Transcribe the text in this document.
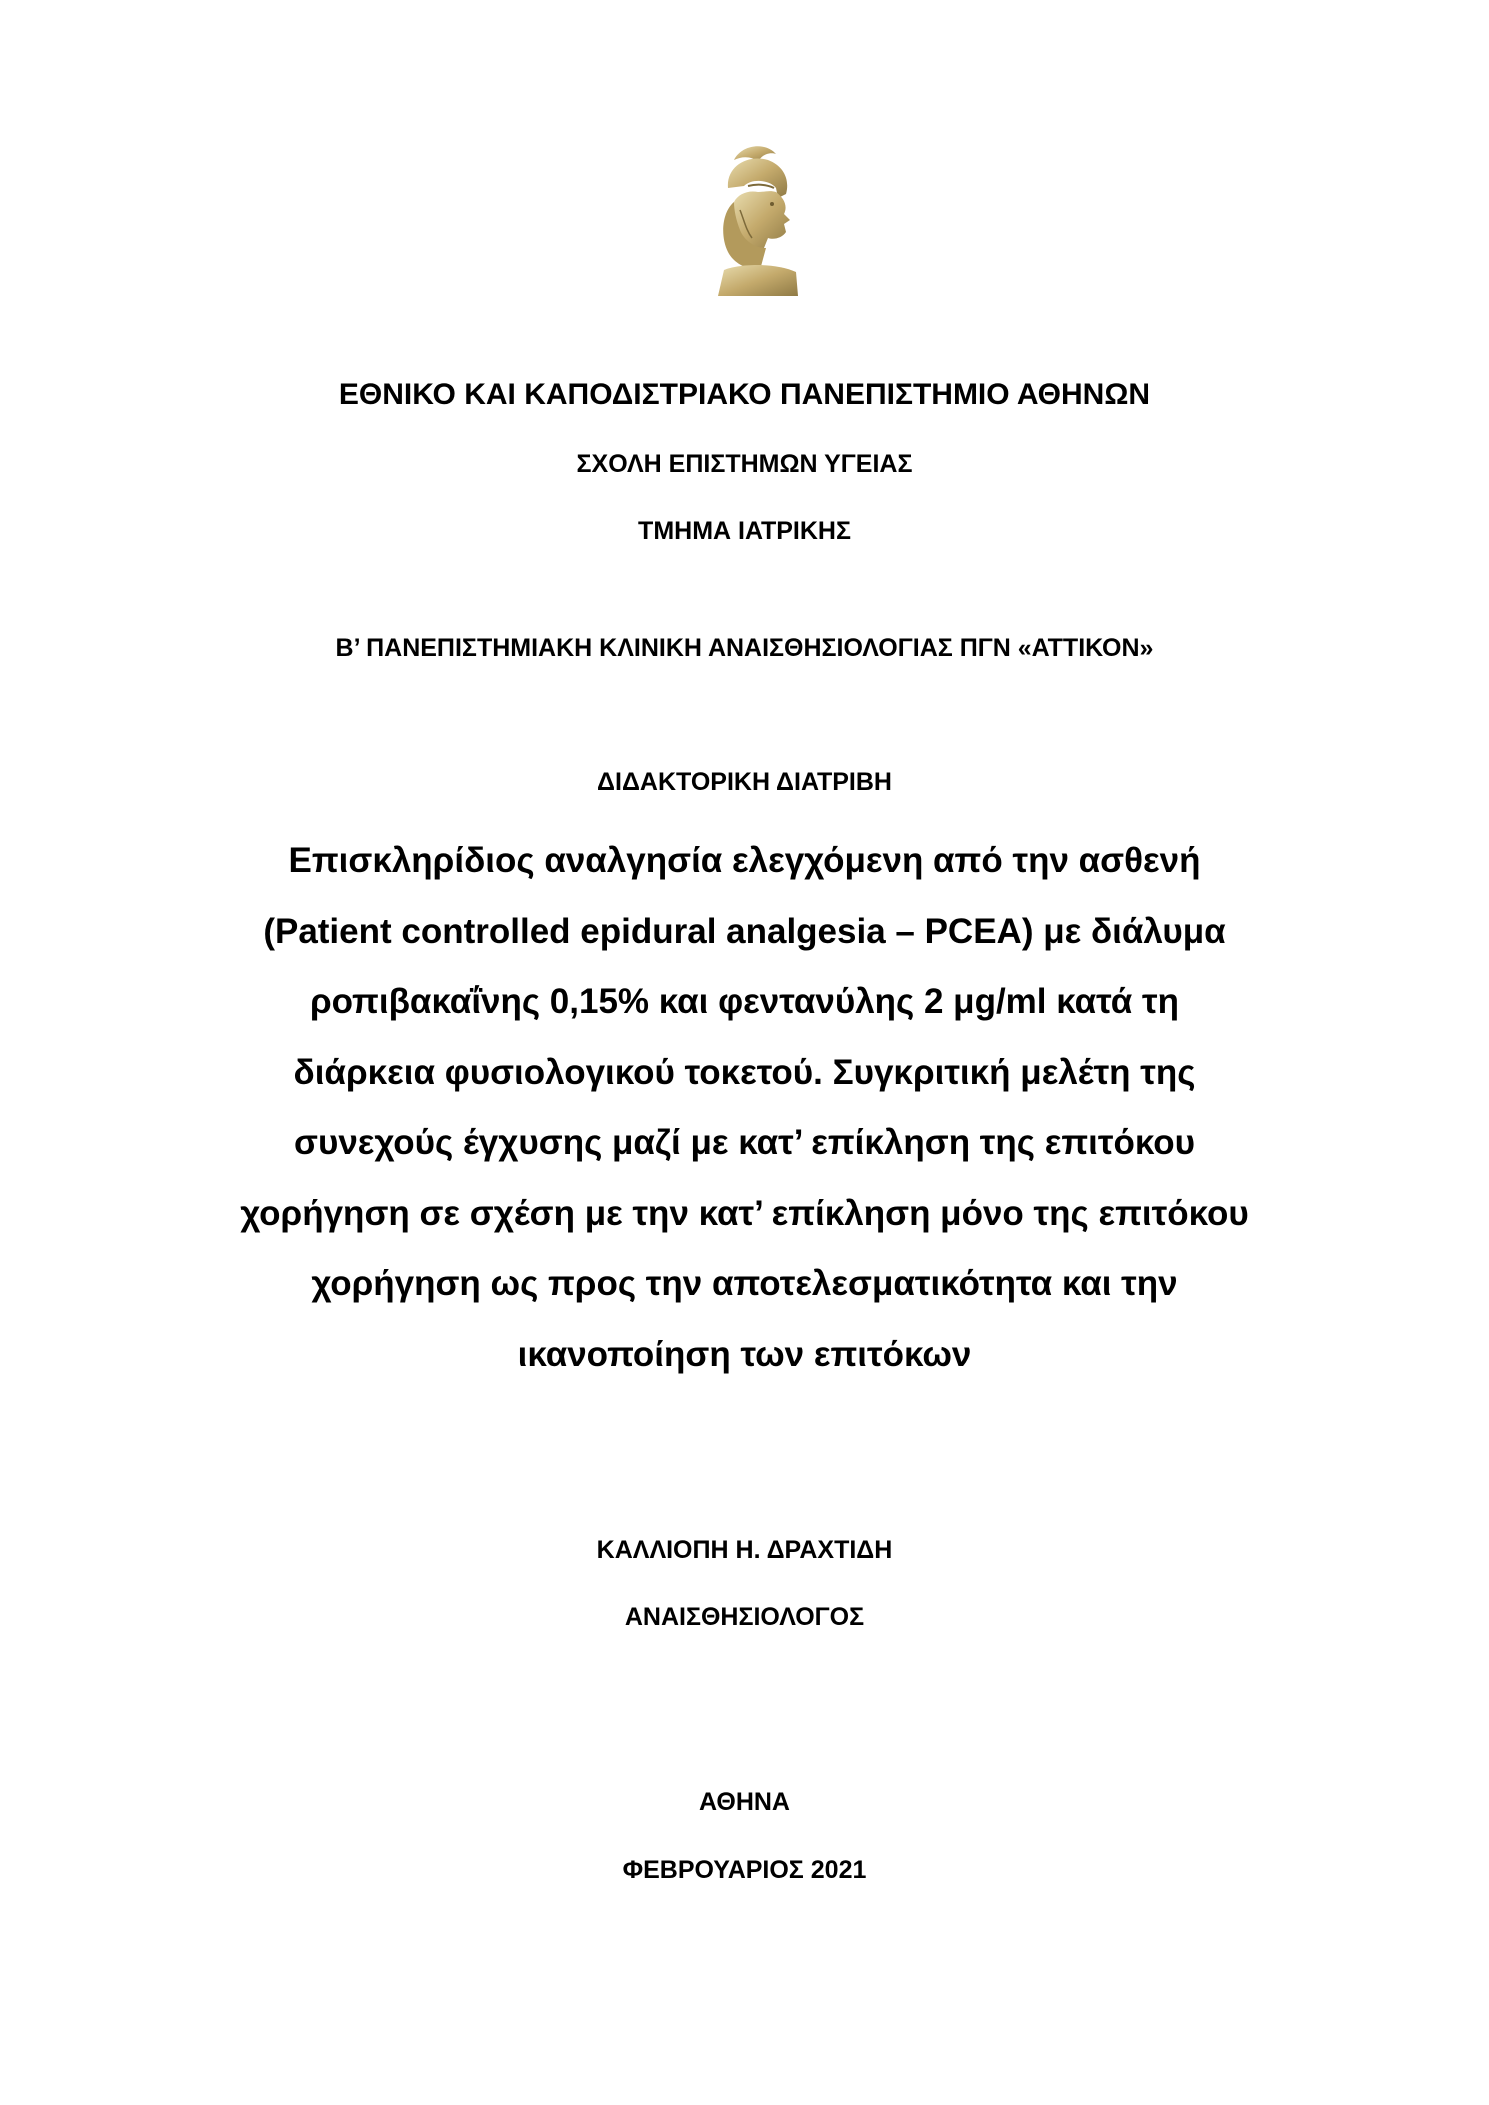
ΕΘΝΙΚΟ ΚΑΙ ΚΑΠΟΔΙΣΤΡΙΑΚΟ ΠΑΝΕΠΙΣΤΗΜΙΟ ΑΘΗΝΩΝ
ΣΧΟΛΗ ΕΠΙΣΤΗΜΩΝ ΥΓΕΙΑΣ
ΤΜΗΜΑ ΙΑΤΡΙΚΗΣ
Β’ ΠΑΝΕΠΙΣΤΗΜΙΑΚΗ ΚΛΙΝΙΚΗ ΑΝΑΙΣΘΗΣΙΟΛΟΓΙΑΣ ΠΓΝ «ΑΤΤΙΚΟΝ»
ΔΙΔΑΚΤΟΡΙΚΗ ΔΙΑΤΡΙΒΗ
Επισκληρίδιος αναλγησία ελεγχόμενη από την ασθενή
(Patient controlled epidural analgesia – PCEA) με διάλυμα
ροπιβακαΐνης 0,15% και φεντανύλης 2 μg/ml κατά τη
διάρκεια φυσιολογικού τοκετού. Συγκριτική μελέτη της
συνεχούς έγχυσης μαζί με κατ’ επίκληση της επιτόκου
χορήγηση σε σχέση με την κατ’ επίκληση μόνο της επιτόκου
χορήγηση ως προς την αποτελεσματικότητα και την
ικανοποίηση των επιτόκων
ΚΑΛΛΙΟΠΗ Η. ΔΡΑΧΤΙΔΗ
ΑΝΑΙΣΘΗΣΙΟΛΟΓΟΣ
ΑΘΗΝΑ
ΦΕΒΡΟΥΑΡΙΟΣ 2021
